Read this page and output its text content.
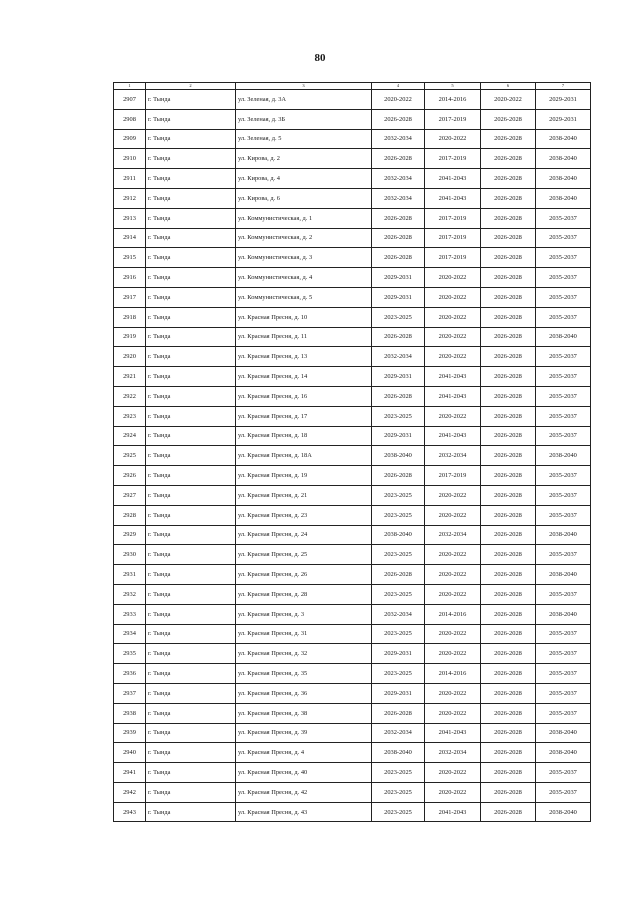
80
1	2	3	4	5	6	7
2907	г. Тында	ул. Зеленая, д. 3А	2020-2022	2014-2016	2020-2022	2029-2031
2908	г. Тында	ул. Зеленая, д. 3Б	2026-2028	2017-2019	2026-2028	2029-2031
2909	г. Тында	ул. Зеленая, д. 5	2032-2034	2020-2022	2026-2028	2038-2040
2910	г. Тында	ул. Кирова, д. 2	2026-2028	2017-2019	2026-2028	2038-2040
2911	г. Тында	ул. Кирова, д. 4	2032-2034	2041-2043	2026-2028	2038-2040
2912	г. Тында	ул. Кирова, д. 6	2032-2034	2041-2043	2026-2028	2038-2040
2913	г. Тында	ул. Коммунистическая, д. 1	2026-2028	2017-2019	2026-2028	2035-2037
2914	г. Тында	ул. Коммунистическая, д. 2	2026-2028	2017-2019	2026-2028	2035-2037
2915	г. Тында	ул. Коммунистическая, д. 3	2026-2028	2017-2019	2026-2028	2035-2037
2916	г. Тында	ул. Коммунистическая, д. 4	2029-2031	2020-2022	2026-2028	2035-2037
2917	г. Тында	ул. Коммунистическая, д. 5	2029-2031	2020-2022	2026-2028	2035-2037
2918	г. Тында	ул. Красная Пресня, д. 10	2023-2025	2020-2022	2026-2028	2035-2037
2919	г. Тында	ул. Красная Пресня, д. 11	2026-2028	2020-2022	2026-2028	2038-2040
2920	г. Тында	ул. Красная Пресня, д. 13	2032-2034	2020-2022	2026-2028	2035-2037
2921	г. Тында	ул. Красная Пресня, д. 14	2029-2031	2041-2043	2026-2028	2035-2037
2922	г. Тында	ул. Красная Пресня, д. 16	2026-2028	2041-2043	2026-2028	2035-2037
2923	г. Тында	ул. Красная Пресня, д. 17	2023-2025	2020-2022	2026-2028	2035-2037
2924	г. Тында	ул. Красная Пресня, д. 18	2029-2031	2041-2043	2026-2028	2035-2037
2925	г. Тында	ул. Красная Пресня, д. 18А	2038-2040	2032-2034	2026-2028	2038-2040
2926	г. Тында	ул. Красная Пресня, д. 19	2026-2028	2017-2019	2026-2028	2035-2037
2927	г. Тында	ул. Красная Пресня, д. 21	2023-2025	2020-2022	2026-2028	2035-2037
2928	г. Тында	ул. Красная Пресня, д. 23	2023-2025	2020-2022	2026-2028	2035-2037
2929	г. Тында	ул. Красная Пресня, д. 24	2038-2040	2032-2034	2026-2028	2038-2040
2930	г. Тында	ул. Красная Пресня, д. 25	2023-2025	2020-2022	2026-2028	2035-2037
2931	г. Тында	ул. Красная Пресня, д. 26	2026-2028	2020-2022	2026-2028	2038-2040
2932	г. Тында	ул. Красная Пресня, д. 28	2023-2025	2020-2022	2026-2028	2035-2037
2933	г. Тында	ул. Красная Пресня, д. 3	2032-2034	2014-2016	2026-2028	2038-2040
2934	г. Тында	ул. Красная Пресня, д. 31	2023-2025	2020-2022	2026-2028	2035-2037
2935	г. Тында	ул. Красная Пресня, д. 32	2029-2031	2020-2022	2026-2028	2035-2037
2936	г. Тында	ул. Красная Пресня, д. 35	2023-2025	2014-2016	2026-2028	2035-2037
2937	г. Тында	ул. Красная Пресня, д. 36	2029-2031	2020-2022	2026-2028	2035-2037
2938	г. Тында	ул. Красная Пресня, д. 38	2026-2028	2020-2022	2026-2028	2035-2037
2939	г. Тында	ул. Красная Пресня, д. 39	2032-2034	2041-2043	2026-2028	2038-2040
2940	г. Тында	ул. Красная Пресня, д. 4	2038-2040	2032-2034	2026-2028	2038-2040
2941	г. Тында	ул. Красная Пресня, д. 40	2023-2025	2020-2022	2026-2028	2035-2037
2942	г. Тында	ул. Красная Пресня, д. 42	2023-2025	2020-2022	2026-2028	2035-2037
2943	г. Тында	ул. Красная Пресня, д. 43	2023-2025	2041-2043	2026-2028	2038-2040
